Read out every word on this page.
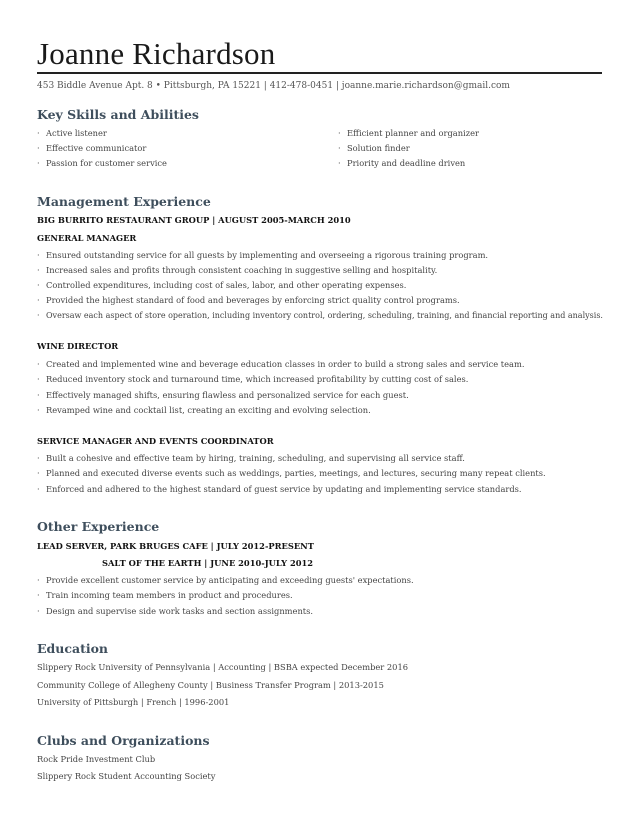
Joanne Richardson
453 Biddle Avenue Apt. 8 • Pittsburgh, PA 15221 | 412-478-0451 | joanne.marie.richardson@gmail.com
Key Skills and Abilities
· Active listener
· Effective communicator
· Passion for customer service
· Efficient planner and organizer
· Solution finder
· Priority and deadline driven
Management Experience
BIG BURRITO RESTAURANT GROUP | AUGUST 2005-MARCH 2010
GENERAL MANAGER
· Ensured outstanding service for all guests by implementing and overseeing a rigorous training program.
· Increased sales and profits through consistent coaching in suggestive selling and hospitality.
· Controlled expenditures, including cost of sales, labor, and other operating expenses.
· Provided the highest standard of food and beverages by enforcing strict quality control programs.
· Oversaw each aspect of store operation, including inventory control, ordering, scheduling, training, and financial reporting and analysis.
WINE DIRECTOR
· Created and implemented wine and beverage education classes in order to build a strong sales and service team.
· Reduced inventory stock and turnaround time, which increased profitability by cutting cost of sales.
· Effectively managed shifts, ensuring flawless and personalized service for each guest.
· Revamped wine and cocktail list, creating an exciting and evolving selection.
SERVICE MANAGER AND EVENTS COORDINATOR
· Built a cohesive and effective team by hiring, training, scheduling, and supervising all service staff.
· Planned and executed diverse events such as weddings, parties, meetings, and lectures, securing many repeat clients.
· Enforced and adhered to the highest standard of guest service by updating and implementing service standards.
Other Experience
LEAD SERVER, PARK BRUGES CAFE | JULY 2012-PRESENT
SALT OF THE EARTH | JUNE 2010-JULY 2012
· Provide excellent customer service by anticipating and exceeding guests' expectations.
· Train incoming team members in product and procedures.
· Design and supervise side work tasks and section assignments.
Education
Slippery Rock University of Pennsylvania | Accounting | BSBA expected December 2016
Community College of Allegheny County | Business Transfer Program | 2013-2015
University of Pittsburgh | French | 1996-2001
Clubs and Organizations
Rock Pride Investment Club
Slippery Rock Student Accounting Society
